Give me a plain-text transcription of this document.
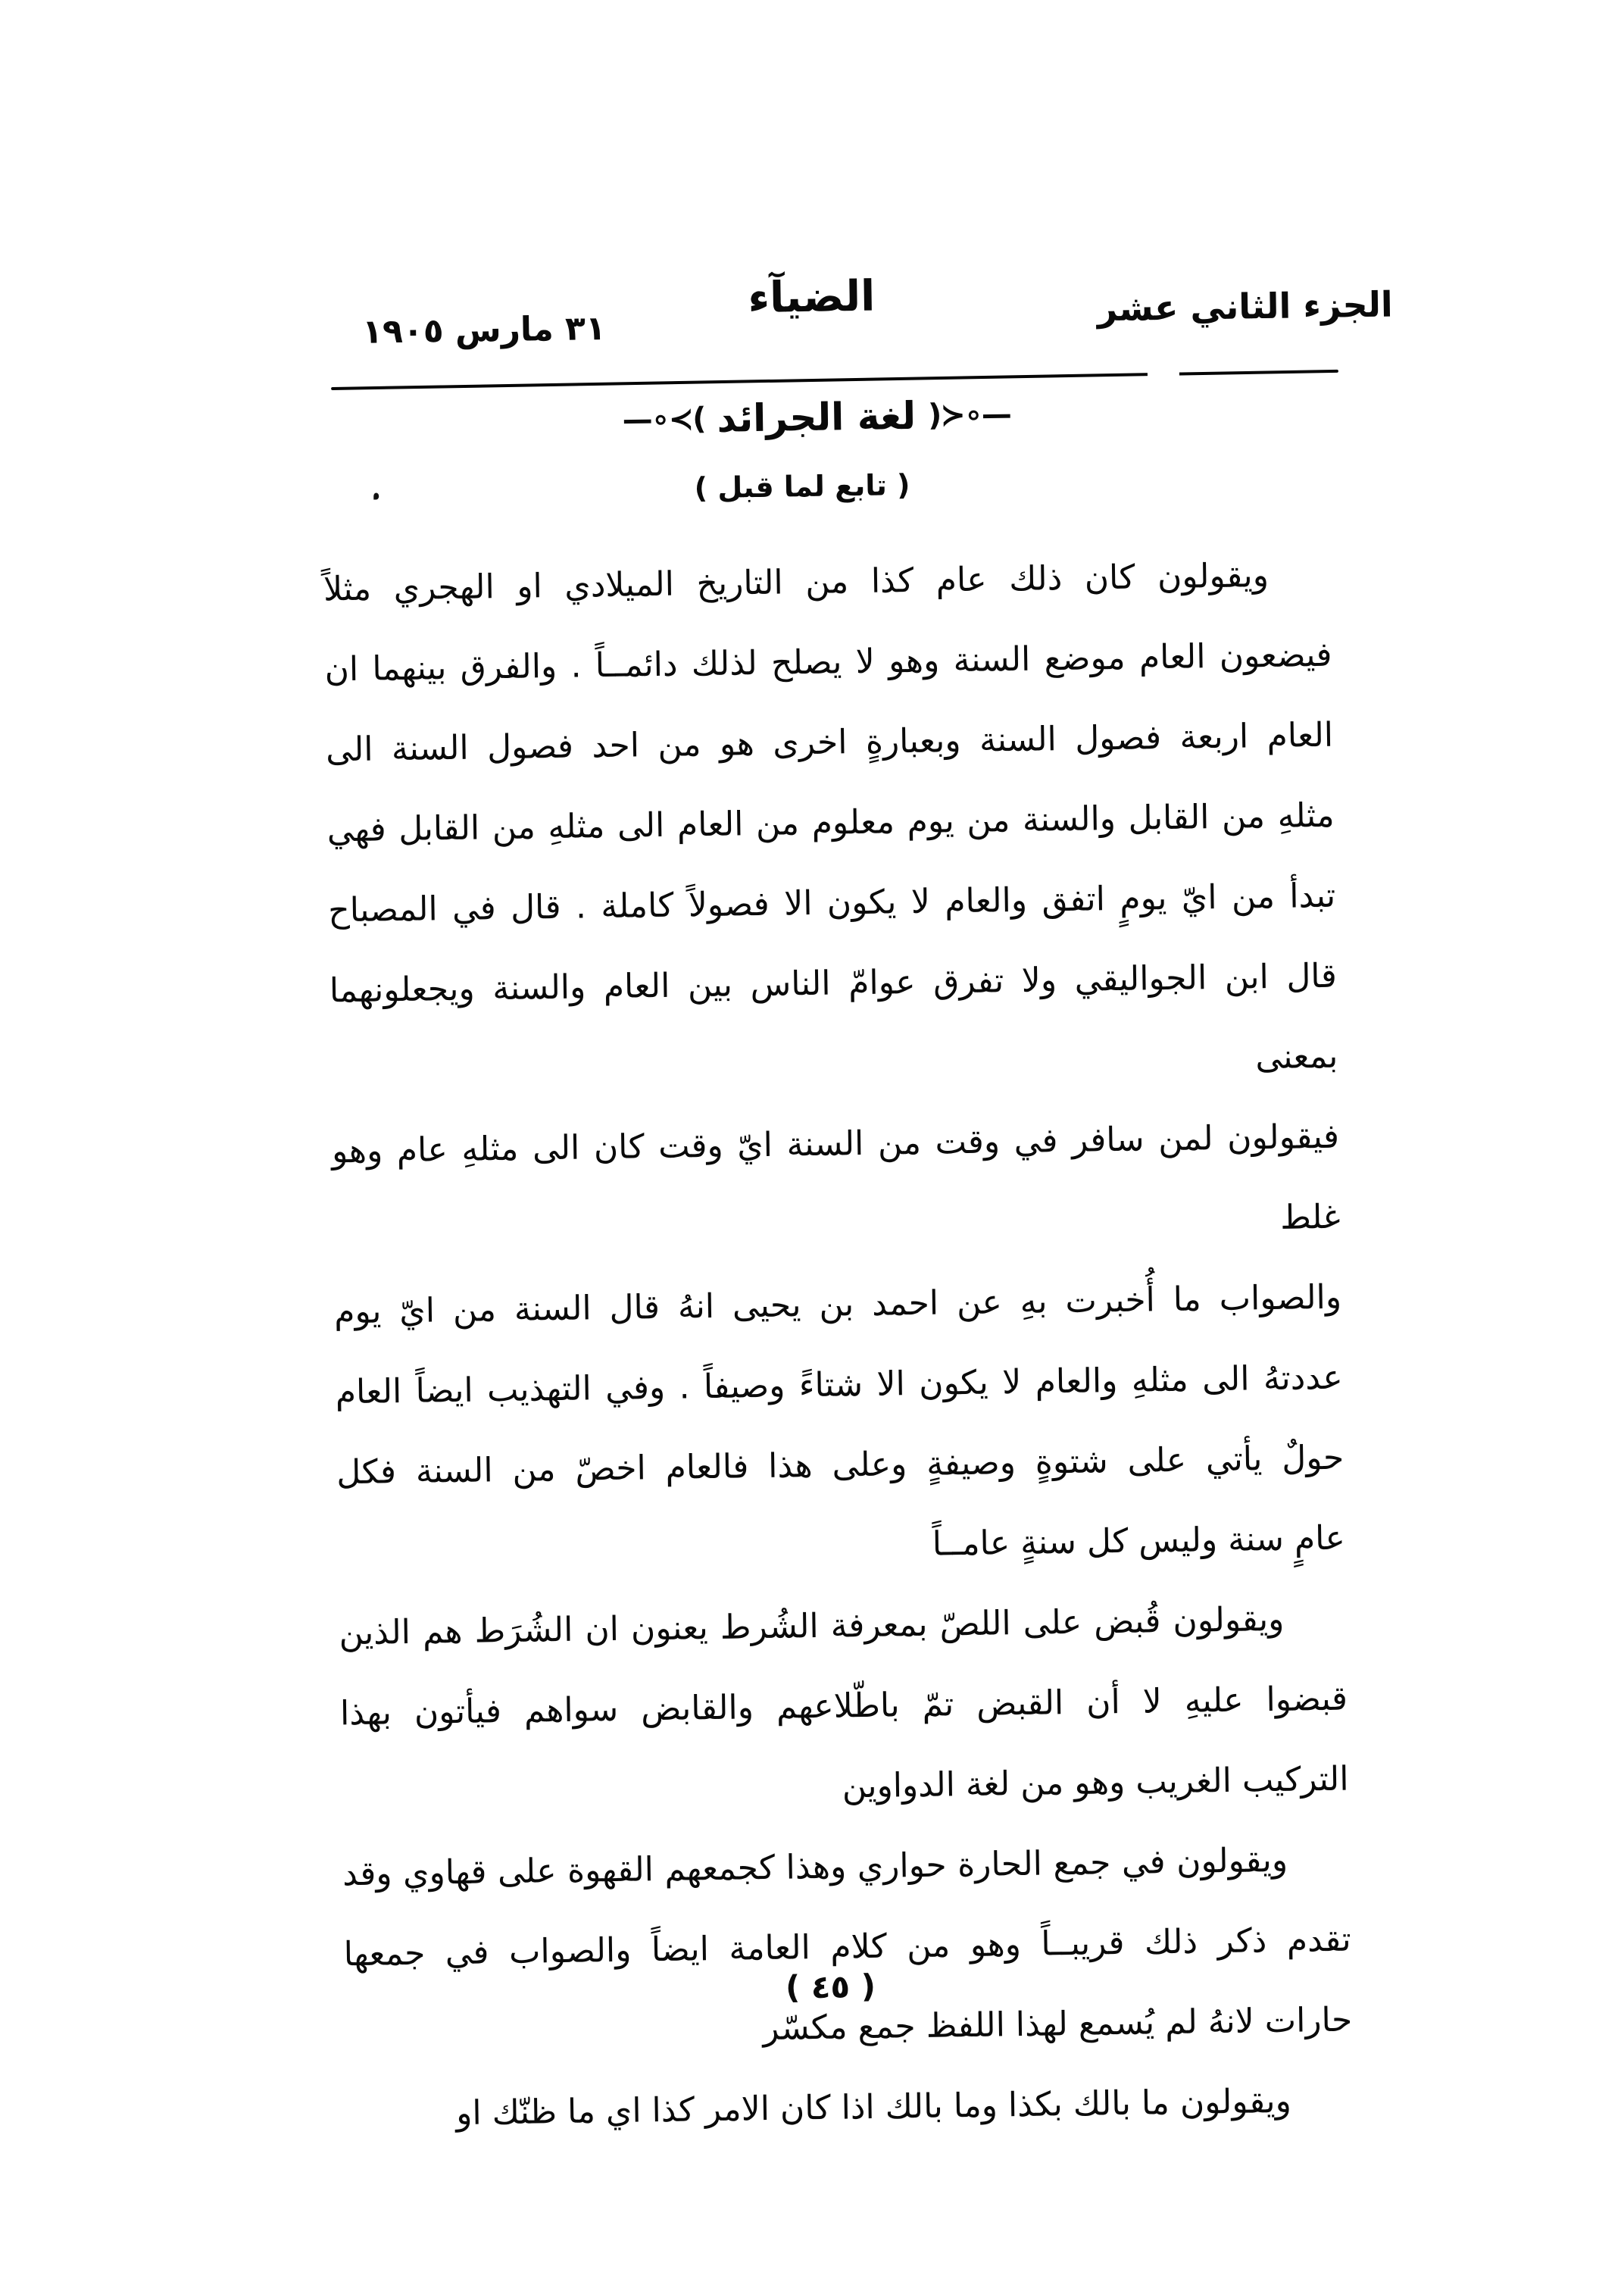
الجزء الثاني عشر
الضيآء
٣١ مارس ١٩٠٥
—∘≺( لغة الجرائد )≻∘—
( تابع لما قبل )
ويقولون كان ذلك عام كذا من التاريخ الميلادي او الهجري مثلاً
فيضعون العام موضع السنة وهو لا يصلح لذلك دائمــاً . والفرق بينهما ان
العام اربعة فصول السنة وبعبارةٍ اخرى هو من احد فصول السنة الى
مثلهِ من القابل والسنة من يوم معلوم من العام الى مثلهِ من القابل فهي
تبدأ من ايّ يومٍ اتفق والعام لا يكون الا فصولاً كاملة . قال في المصباح
قال ابن الجواليقي ولا تفرق عوامّ الناس بين العام والسنة ويجعلونهما بمعنى
فيقولون لمن سافر في وقت من السنة ايّ وقت كان الى مثلهِ عام وهو غلط
والصواب ما أُخبرت بهِ عن احمد بن يحيى انهُ قال السنة من ايّ يوم
عددتهُ الى مثلهِ والعام لا يكون الا شتاءً وصيفاً . وفي التهذيب ايضاً العام
حولٌ يأتي على شتوةٍ وصيفةٍ وعلى هذا فالعام اخصّ من السنة فكل
عامٍ سنة وليس كل سنةٍ عامــاً
ويقولون قُبض على اللصّ بمعرفة الشُرط يعنون ان الشُرَط هم الذين
قبضوا عليهِ لا أن القبض تمّ باطّلاعهم والقابض سواهم فيأتون بهذا
التركيب الغريب وهو من لغة الدواوين
ويقولون في جمع الحارة حواري وهذا كجمعهم القهوة على قهاوي وقد
تقدم ذكر ذلك قريبــاً وهو من كلام العامة ايضاً والصواب في جمعها
حارات لانهُ لم يُسمع لهذا اللفظ جمع مكسّر
ويقولون ما بالك بكذا وما بالك اذا كان الامر كذا اي ما ظنّك او
( ٤٥ )
